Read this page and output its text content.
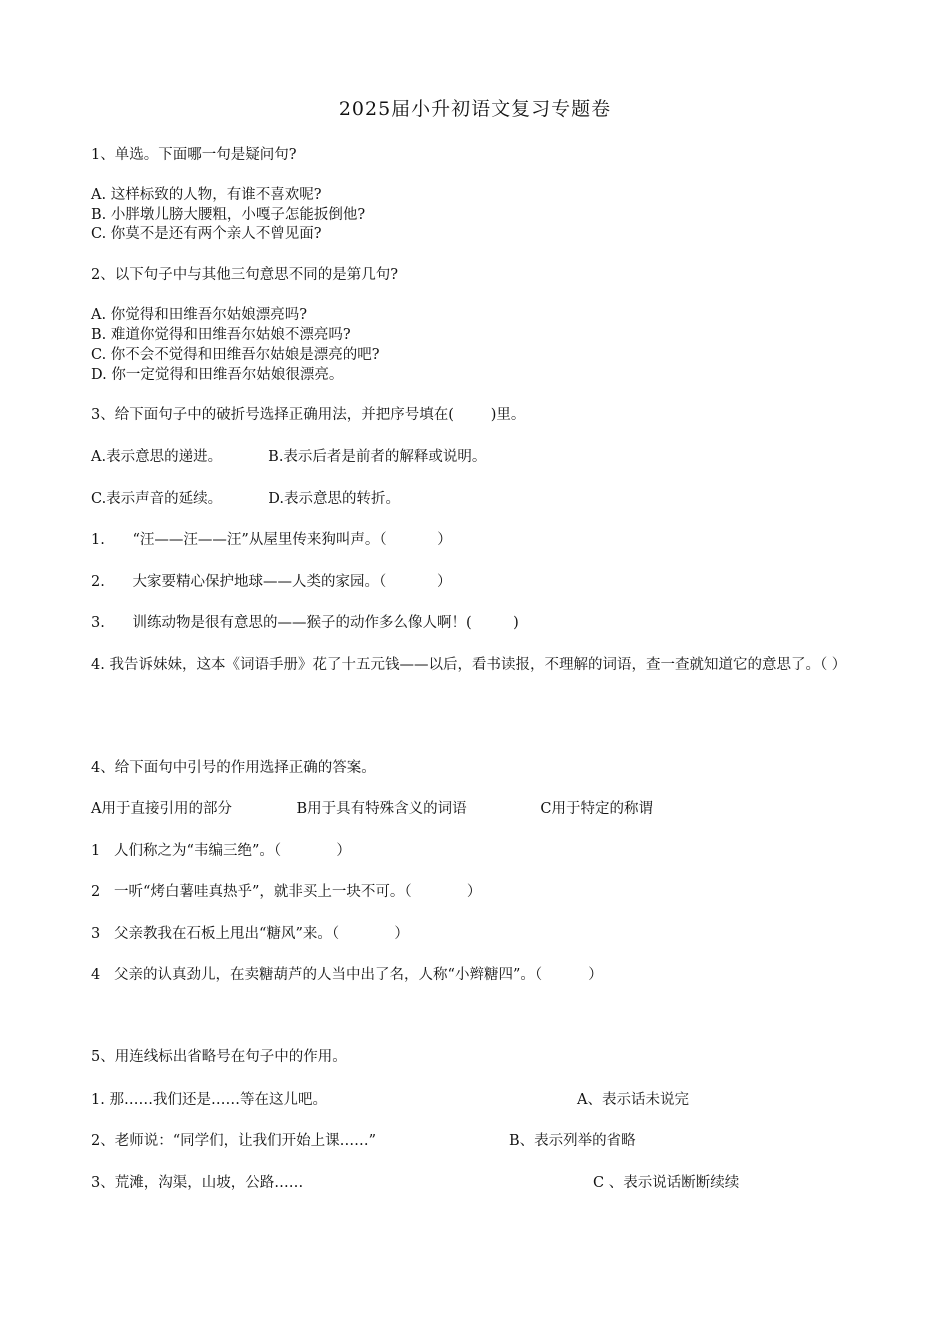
2025届小升初语文复习专题卷
1、单选。下面哪一句是疑问句?
A. 这样标致的人物，有谁不喜欢呢?
B. 小胖墩儿膀大腰粗，小嘎子怎能扳倒他?
C. 你莫不是还有两个亲人不曾见面?
2、以下句子中与其他三句意思不同的是第几句?
A. 你觉得和田维吾尔姑娘漂亮吗?
B. 难道你觉得和田维吾尔姑娘不漂亮吗?
C. 你不会不觉得和田维吾尔姑娘是漂亮的吧?
D. 你一定觉得和田维吾尔姑娘很漂亮。
3、给下面句子中的破折号选择正确用法，并把序号填在(        )里。
A.表示意思的递进。          B.表示后者是前者的解释或说明。
C.表示声音的延续。          D.表示意思的转折。
1.      “汪——汪——汪”从屋里传来狗叫声。（           ）
2.      大家要精心保护地球——人类的家园。（           ）
3.      训练动物是很有意思的——猴子的动作多么像人啊！(         )
4. 我告诉妹妹，这本《词语手册》花了十五元钱——以后，看书读报，不理解的词语，查一查就知道它的意思了。（ ）
4、给下面句中引号的作用选择正确的答案。
A用于直接引用的部分              B用于具有特殊含义的词语                C用于特定的称谓
1   人们称之为“韦编三绝”。（            ）
2   一听“烤白薯哇真热乎”，就非买上一块不可。（            ）
3   父亲教我在石板上甩出“糖风”来。（            ）
4   父亲的认真劲儿，在卖糖葫芦的人当中出了名，人称“小辫糖四”。（          ）
5、用连线标出省略号在句子中的作用。
1. 那……我们还是……等在这儿吧。	A、表示话未说完
2、老师说：“同学们，让我们开始上课……”	B、表示列举的省略
3、荒滩，沟渠，山坡，公路……	C 、表示说话断断续续
